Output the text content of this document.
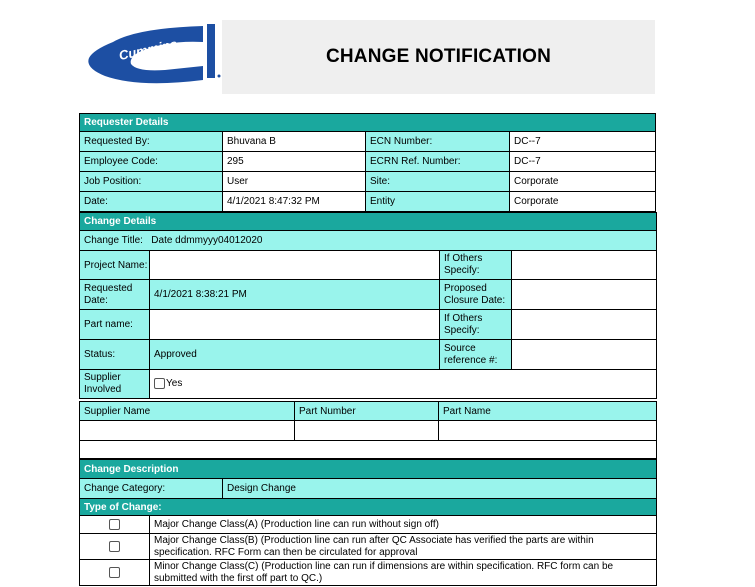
Cummins	CHANGE NOTIFICATION
Requester Details			
Requested By:	Bhuvana B	ECN Number:	DC--7
Employee Code:	295	ECRN Ref. Number:	DC--7
Job Position:	User	Site:	Corporate
Date:	4/1/2021 8:47:32 PM	Entity	Corporate
Change Details			
Change Title: Date ddmmyyy04012020			
Project Name:		If Others Specify:	
Requested Date:	4/1/2021 8:38:21 PM	Proposed Closure Date:	
Part name:		If Others Specify:	
Status:	Approved	Source reference #:	
Supplier Involved	Yes		
Supplier Name	Part Number	Part Name

Change Description
Change Category:	Design Change
Type of Change:	
	Major Change Class(A) (Production line can run without sign off)
	Major Change Class(B) (Production line can run after QC Associate has verified the parts are within specification. RFC Form can then be circulated for approval
	Minor Change Class(C) (Production line can run if dimensions are within specification. RFC form can be submitted with the first off part to QC.)
